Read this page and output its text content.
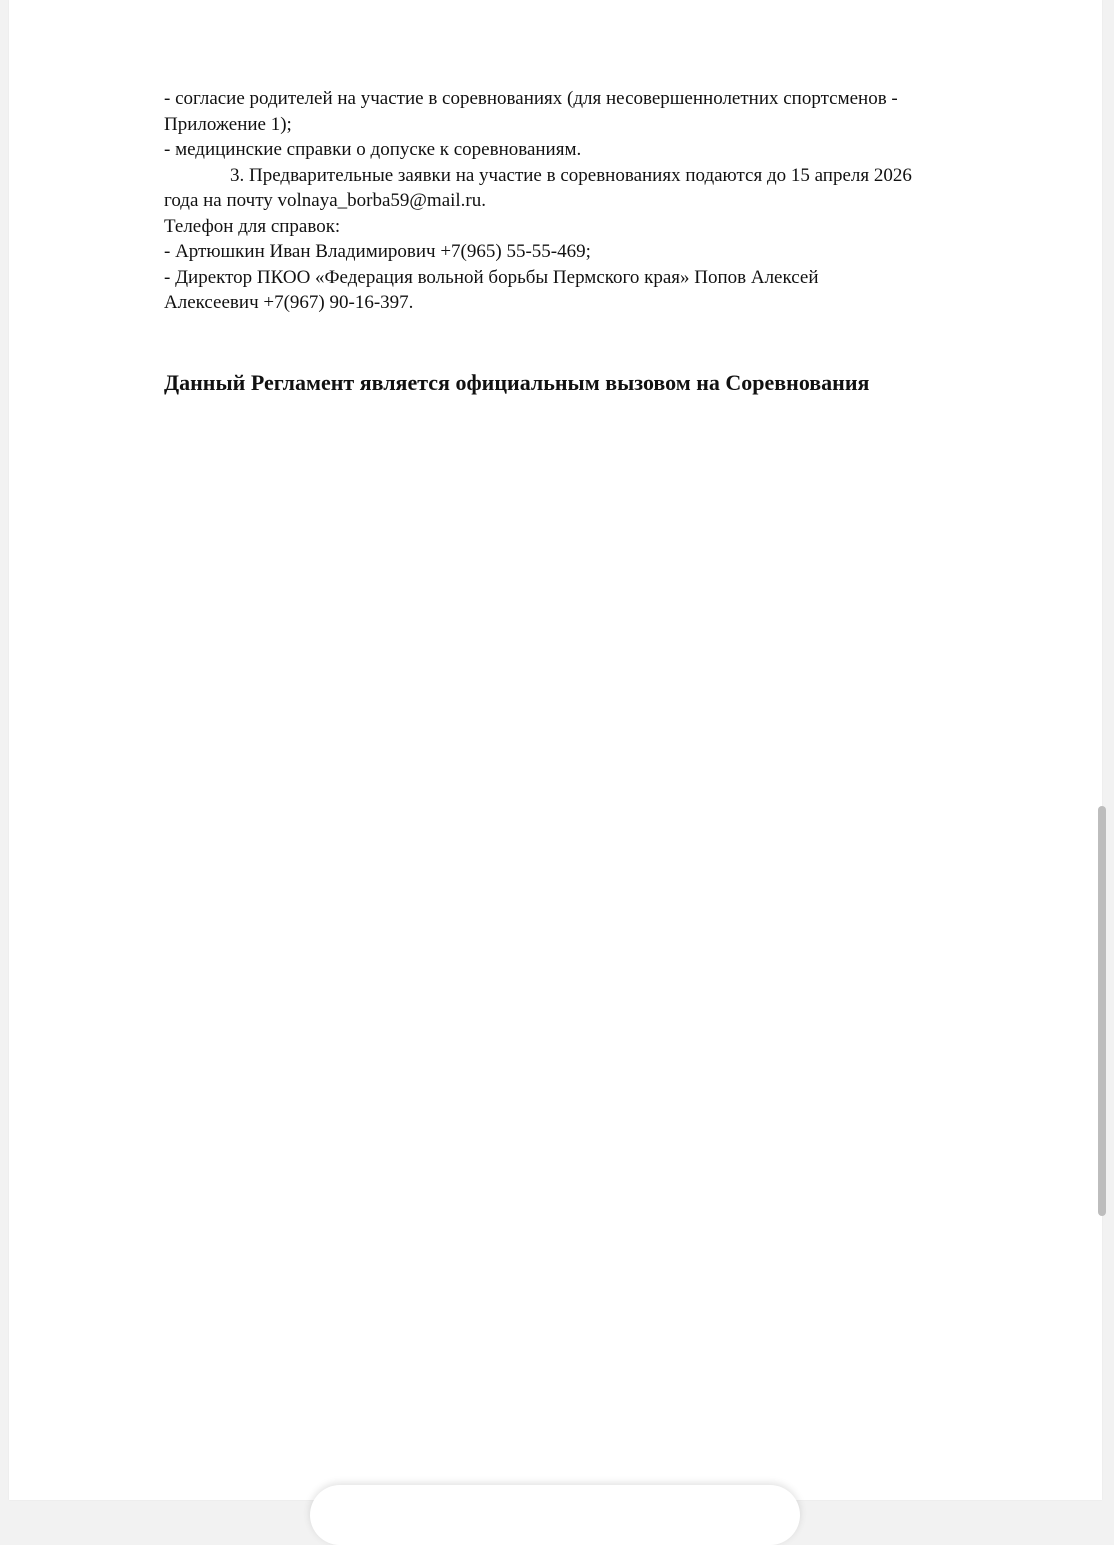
- согласие родителей на участие в соревнованиях (для несовершеннолетних спортсменов -
Приложение 1);
- медицинские справки о допуске к соревнованиям.
3. Предварительные заявки на участие в соревнованиях подаются до 15 апреля 2026
года на почту volnaya_borba59@mail.ru.
Телефон для справок:
- Артюшкин Иван Владимирович +7(965) 55-55-469;
- Директор ПКОО «Федерация вольной борьбы Пермского края» Попов Алексей
Алексеевич +7(967) 90-16-397.
Данный Регламент является официальным вызовом на Соревнования
